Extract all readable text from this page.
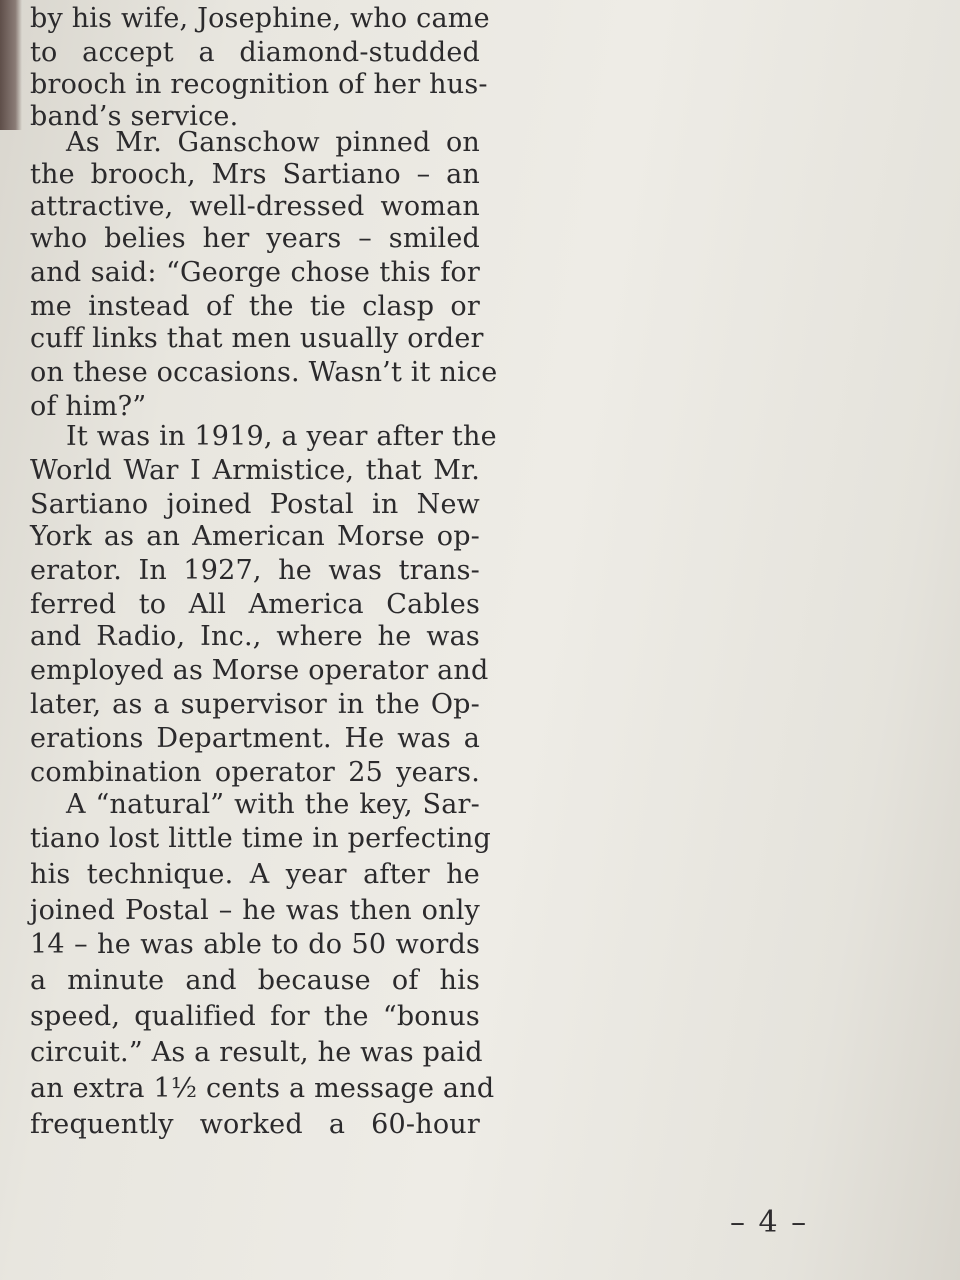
by his wife, Josephine, who came
to accept a diamond-studded
brooch in recognition of her hus-
band’s service.
As Mr. Ganschow pinned on
the brooch, Mrs Sartiano – an
attractive, well-dressed woman
who belies her years – smiled
and said: “George chose this for
me instead of the tie clasp or
cuff links that men usually order
on these occasions. Wasn’t it nice
of him?”
It was in 1919, a year after the
World War I Armistice, that Mr.
Sartiano joined Postal in New
York as an American Morse op-
erator. In 1927, he was trans-
ferred to All America Cables
and Radio, Inc., where he was
employed as Morse operator and
later, as a supervisor in the Op-
erations Department. He was a
combination operator 25 years.
A “natural” with the key, Sar-
tiano lost little time in perfecting
his technique. A year after he
joined Postal – he was then only
14 – he was able to do 50 words
a minute and because of his
speed, qualified for the “bonus
circuit.” As a result, he was paid
an extra 1½ cents a message and
frequently worked a 60-hour
– 4 –
